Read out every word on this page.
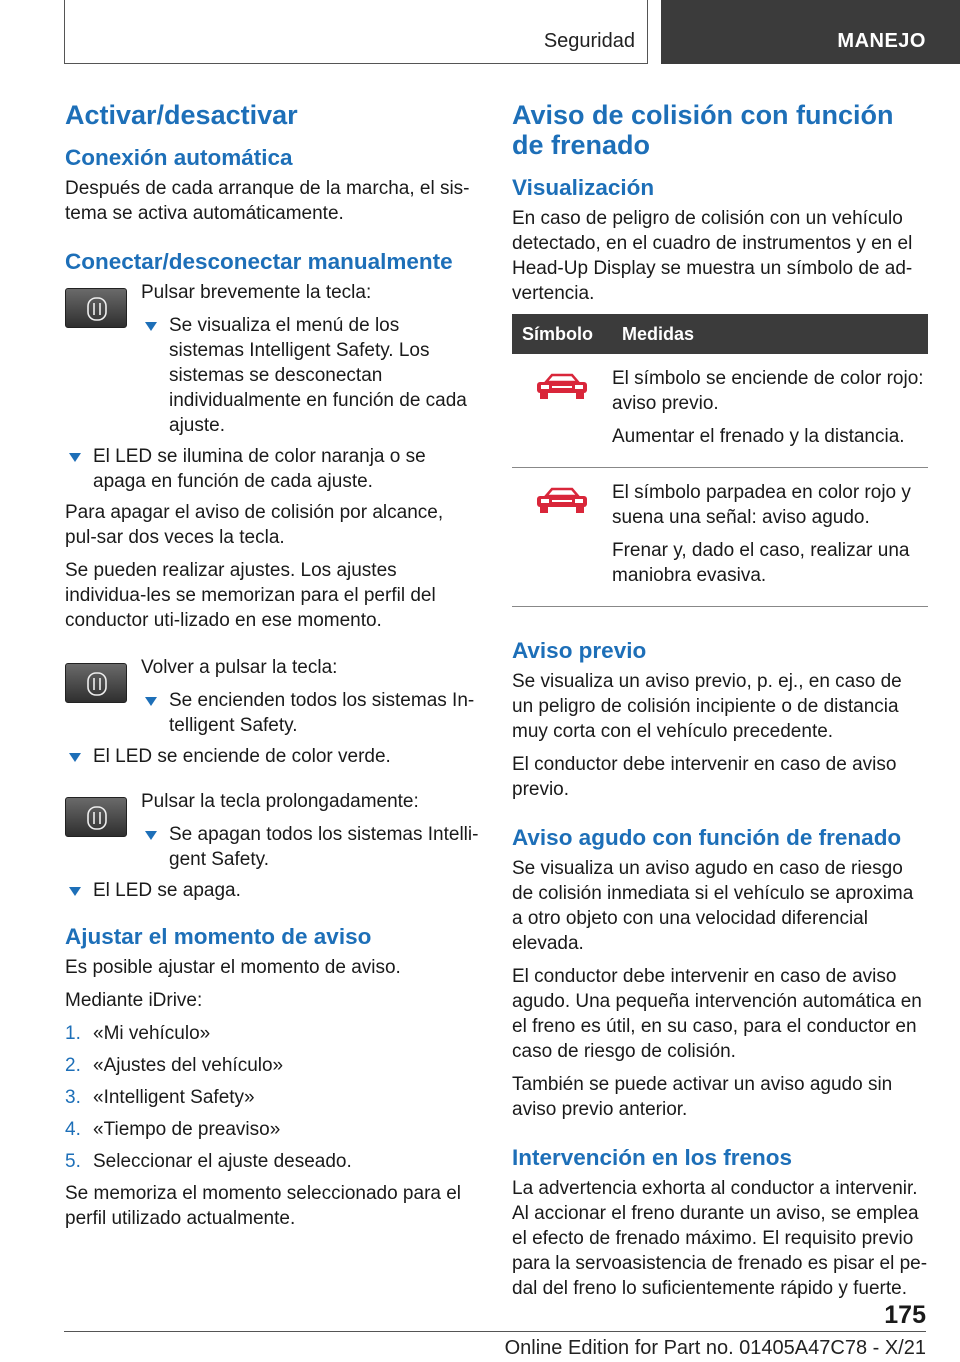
Seguridad	MANEJO
Activar/desactivar
Conexión automática

Después de cada arranque de la marcha, el sis-tema se activa automáticamente.

Conectar/desconectar manualmente

Pulsar brevemente la tecla:

Se visualiza el menú de los sistemas Intelligent Safety. Los sistemas se desconectan individualmente en función de cada ajuste.
El LED se ilumina de color naranja o se apaga en función de cada ajuste.

Para apagar el aviso de colisión por alcance, pul-sar dos veces la tecla.

Se pueden realizar ajustes. Los ajustes individua-les se memorizan para el perfil del conductor uti-lizado en ese momento.

Volver a pulsar la tecla:

Se encienden todos los sistemas In-telligent Safety.
El LED se enciende de color verde.

Pulsar la tecla prolongadamente:

Se apagan todos los sistemas Intelli-gent Safety.
El LED se apaga.
Ajustar el momento de aviso

Es posible ajustar el momento de aviso.

Mediante iDrive:

1. «Mi vehículo»
2. «Ajustes del vehículo»
3. «Intelligent Safety»
4. «Tiempo de preaviso»
5. Seleccionar el ajuste deseado.

Se memoriza el momento seleccionado para el perfil utilizado actualmente.

Aviso de colisión con función de frenado
Visualización

En caso de peligro de colisión con un vehículo detectado, en el cuadro de instrumentos y en el Head-Up Display se muestra un símbolo de ad-vertencia.

Símbolo	Medidas

El símbolo se enciende de color rojo: aviso previo.

Aumentar el frenado y la distancia.

El símbolo parpadea en color rojo y suena una señal: aviso agudo.

Frenar y, dado el caso, realizar una maniobra evasiva.

Aviso previo

Se visualiza un aviso previo, p. ej., en caso de un peligro de colisión incipiente o de distancia muy corta con el vehículo precedente.

El conductor debe intervenir en caso de aviso previo.

Aviso agudo con función de frenado

Se visualiza un aviso agudo en caso de riesgo de colisión inmediata si el vehículo se aproxima a otro objeto con una velocidad diferencial elevada.

El conductor debe intervenir en caso de aviso agudo. Una pequeña intervención automática en el freno es útil, en su caso, para el conductor en caso de riesgo de colisión.

También se puede activar un aviso agudo sin aviso previo anterior.

Intervención en los frenos

La advertencia exhorta al conductor a intervenir. Al accionar el freno durante un aviso, se emplea el efecto de frenado máximo. El requisito previo para la servoasistencia de frenado es pisar el pe-dal del freno lo suficientemente rápido y fuerte.

175
Online Edition for Part no. 01405A47C78 - X/21
